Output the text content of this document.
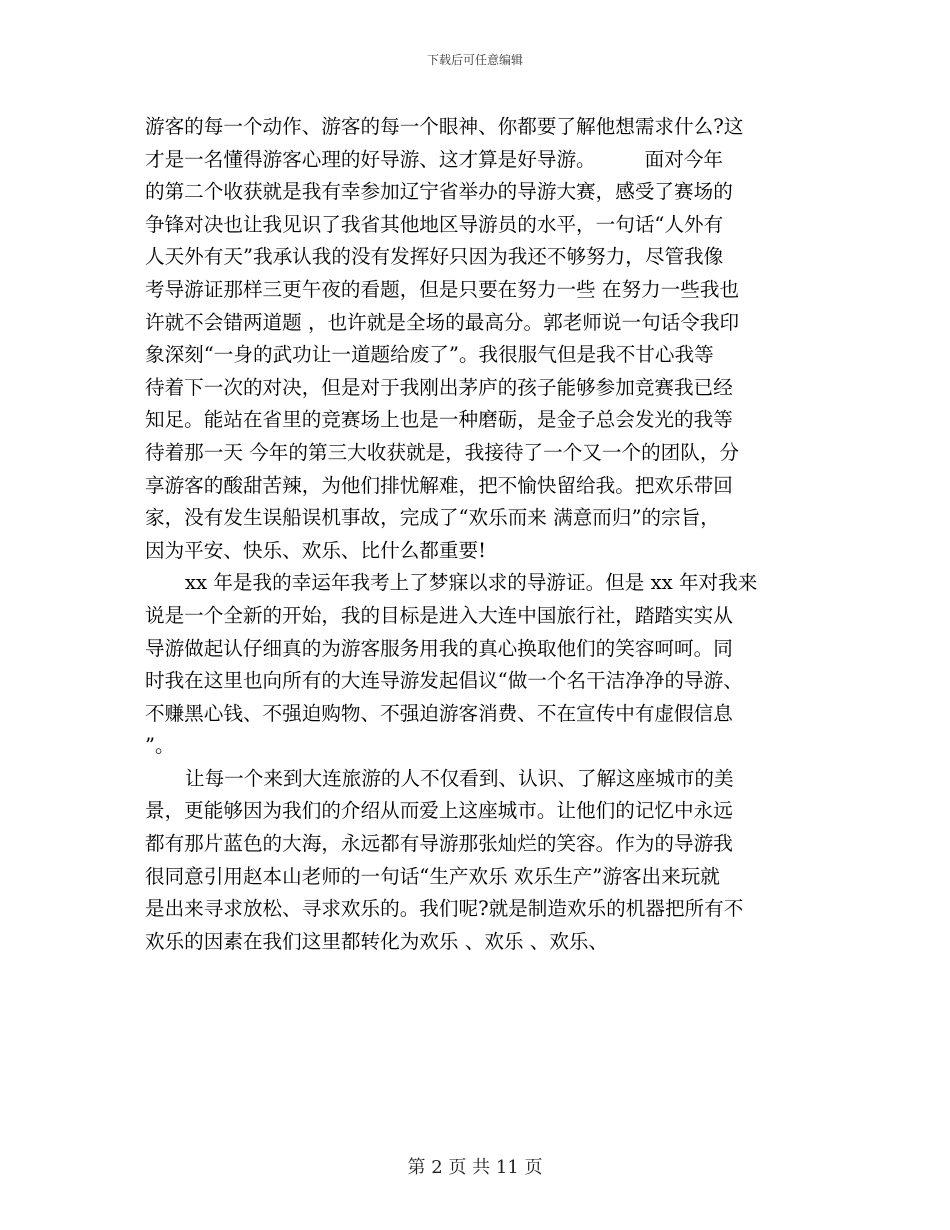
下载后可任意编辑
游客的每一个动作、游客的每一个眼神、你都要了解他想需求什么?这
才是一名懂得游客心理的好导游、这才算是好导游。　　　面对今年
的第二个收获就是我有幸参加辽宁省举办的导游大赛，感受了赛场的
争锋对决也让我见识了我省其他地区导游员的水平，一句话“人外有
人天外有天”我承认我的没有发挥好只因为我还不够努力，尽管我像
考导游证那样三更午夜的看题，但是只要在努力一些 在努力一些我也
许就不会错两道题 ，也许就是全场的最高分。郭老师说一句话令我印
象深刻“一身的武功让一道题给废了”。我很服气但是我不甘心我等
待着下一次的对决，但是对于我刚出茅庐的孩子能够参加竞赛我已经
知足。能站在省里的竞赛场上也是一种磨砺，是金子总会发光的我等
待着那一天 今年的第三大收获就是，我接待了一个又一个的团队，分
享游客的酸甜苦辣，为他们排忧解难，把不愉快留给我。把欢乐带回
家，没有发生误船误机事故，完成了“欢乐而来 满意而归”的宗旨，
因为平安、快乐、欢乐、比什么都重要!
xx 年是我的幸运年我考上了梦寐以求的导游证。但是 xx 年对我来
说是一个全新的开始，我的目标是进入大连中国旅行社，踏踏实实从
导游做起认仔细真的为游客服务用我的真心换取他们的笑容呵呵。同
时我在这里也向所有的大连导游发起倡议“做一个名干洁净净的导游、
不赚黑心钱、不强迫购物、不强迫游客消费、不在宣传中有虚假信息
”。
让每一个来到大连旅游的人不仅看到、认识、了解这座城市的美
景，更能够因为我们的介绍从而爱上这座城市。让他们的记忆中永远
都有那片蓝色的大海，永远都有导游那张灿烂的笑容。作为的导游我
很同意引用赵本山老师的一句话“生产欢乐 欢乐生产”游客出来玩就
是出来寻求放松、寻求欢乐的。我们呢?就是制造欢乐的机器把所有不
欢乐的因素在我们这里都转化为欢乐 、欢乐 、欢乐、
第 2 页 共 11 页
